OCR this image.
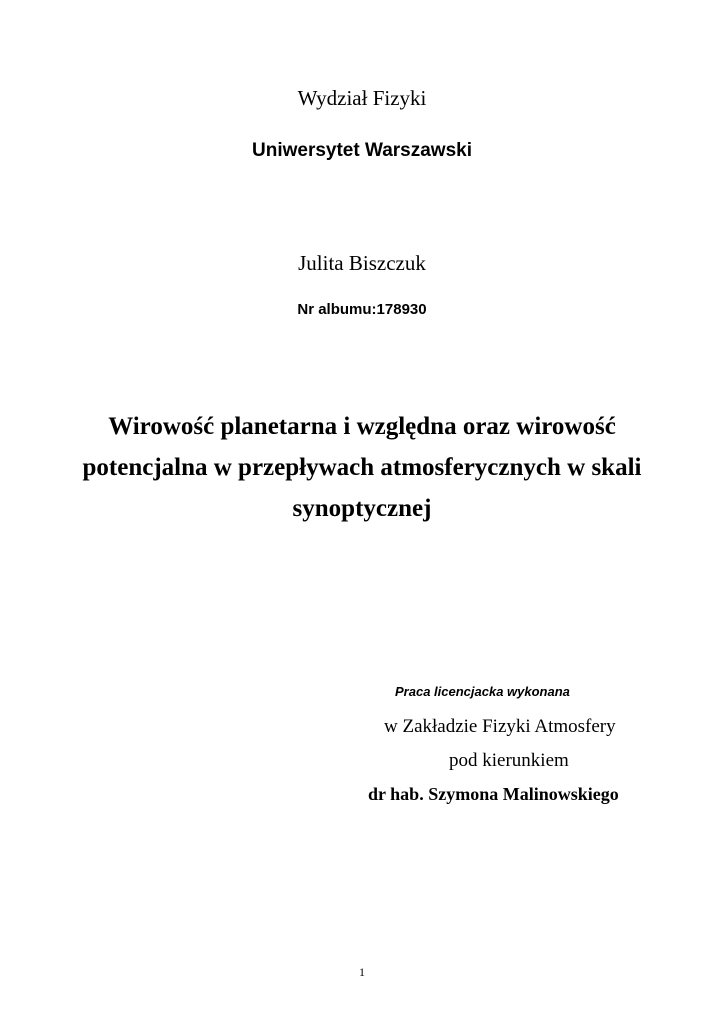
Wydział Fizyki

Uniwersytet Warszawski

Julita Biszczuk

Nr albumu:178930

Wirowość planetarna i względna oraz wirowość
potencjalna w przepływach atmosferycznych w skali
synoptycznej

Praca licencjacka wykonana

w Zakładzie Fizyki Atmosfery

pod kierunkiem

dr hab. Szymona Malinowskiego

1
